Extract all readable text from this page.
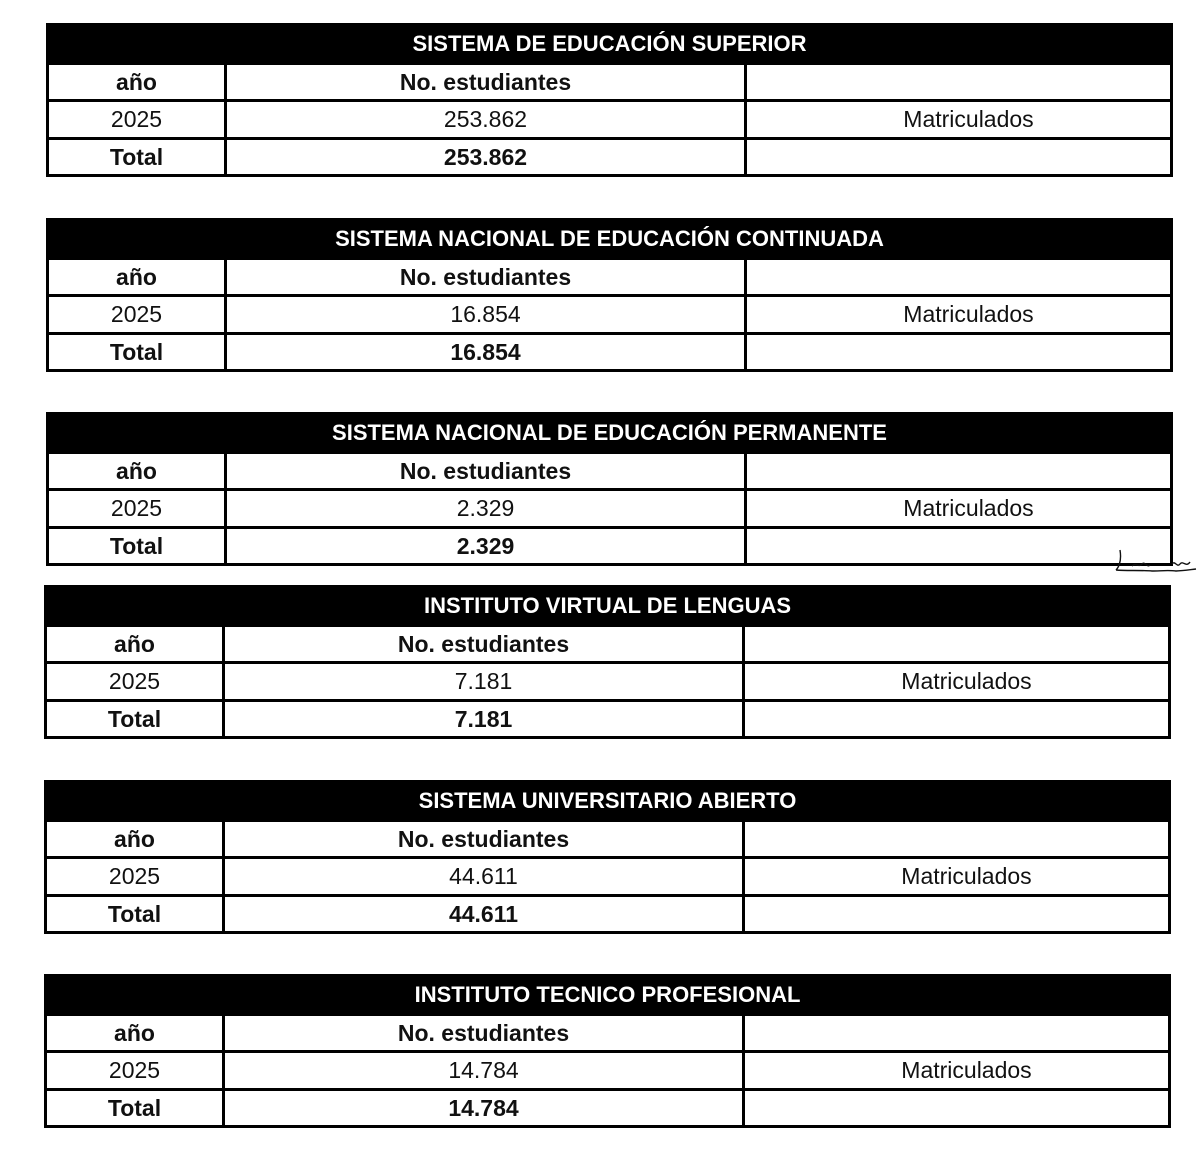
SISTEMA DE EDUCACIÓN SUPERIOR		
año	No. estudiantes	
2025	253.862	Matriculados
Total	253.862	
SISTEMA NACIONAL DE EDUCACIÓN CONTINUADA		
año	No. estudiantes	
2025	16.854	Matriculados
Total	16.854	
SISTEMA NACIONAL DE EDUCACIÓN PERMANENTE		
año	No. estudiantes	
2025	2.329	Matriculados
Total	2.329	
INSTITUTO VIRTUAL DE LENGUAS		
año	No. estudiantes	
2025	7.181	Matriculados
Total	7.181	
SISTEMA UNIVERSITARIO ABIERTO		
año	No. estudiantes	
2025	44.611	Matriculados
Total	44.611	
INSTITUTO TECNICO PROFESIONAL		
año	No. estudiantes	
2025	14.784	Matriculados
Total	14.784	
